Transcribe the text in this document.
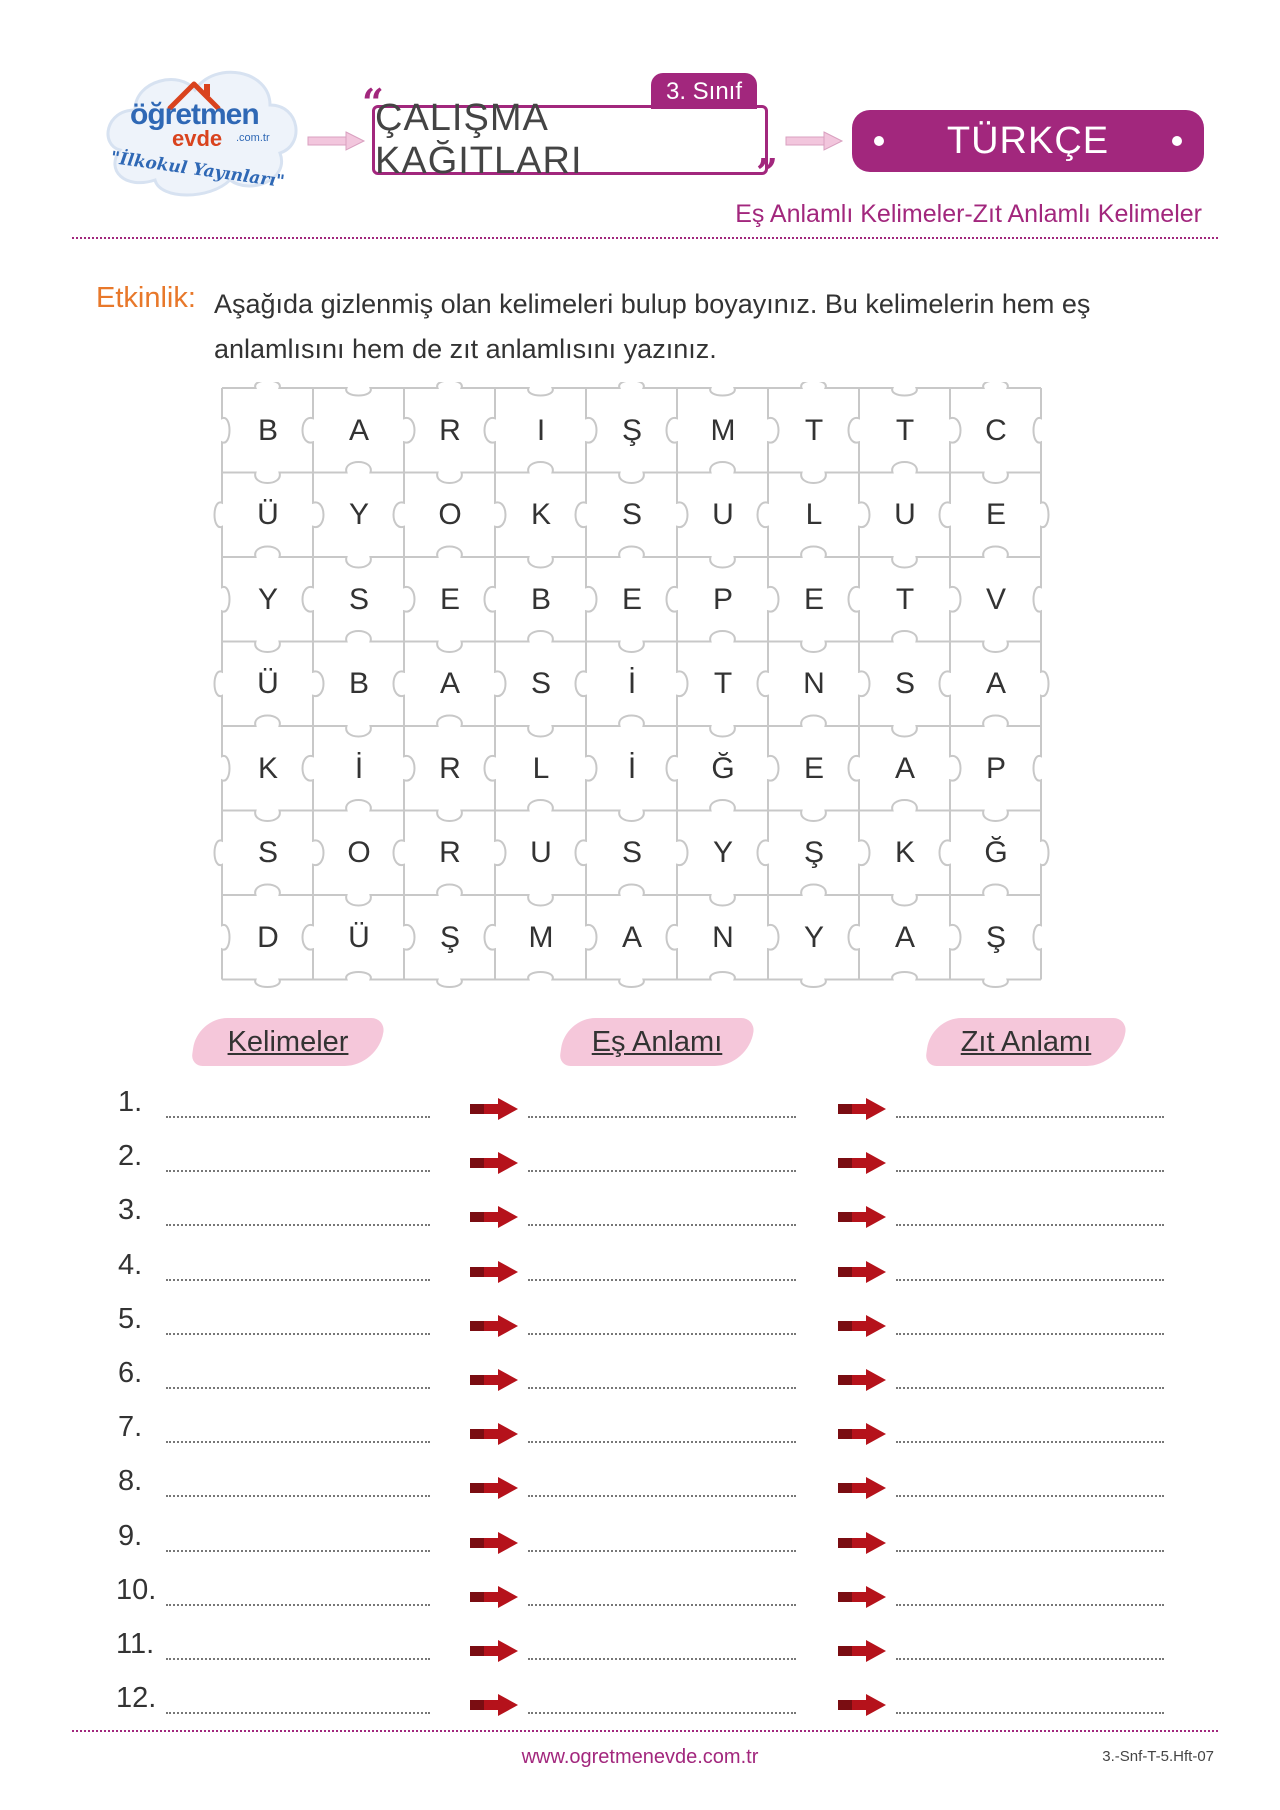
öğretmen
evde .com.tr
"İlkokul Yayınları"
3. Sınıf
“
ÇALIŞMA KAĞITLARI	”
TÜRKÇE
Eş Anlamlı Kelimeler-Zıt Anlamlı Kelimeler
Etkinlik: Aşağıda gizlenmiş olan kelimeleri bulup boyayınız. Bu kelimelerin hem eş anlamlısını hem de zıt anlamlısını yazınız.
B	A	R	I	Ş	M	T	T	C
Ü	Y	O	K	S	U	L	U	E
Y	S	E	B	E	P	E	T	V
Ü	B	A	S	İ	T	N	S	A
K	İ	R	L	İ	Ğ	E	A	P
S	O	R	U	S	Y	Ş	K	Ğ
D	Ü	Ş	M	A	N	Y	A	Ş
Kelimeler	Eş Anlamı	Zıt Anlamı
1.
2.
3.
4.
5.
6.
7.
8.
9.
10.
11.
12.
www.ogretmenevde.com.tr	3.-Snf-T-5.Hft-07
